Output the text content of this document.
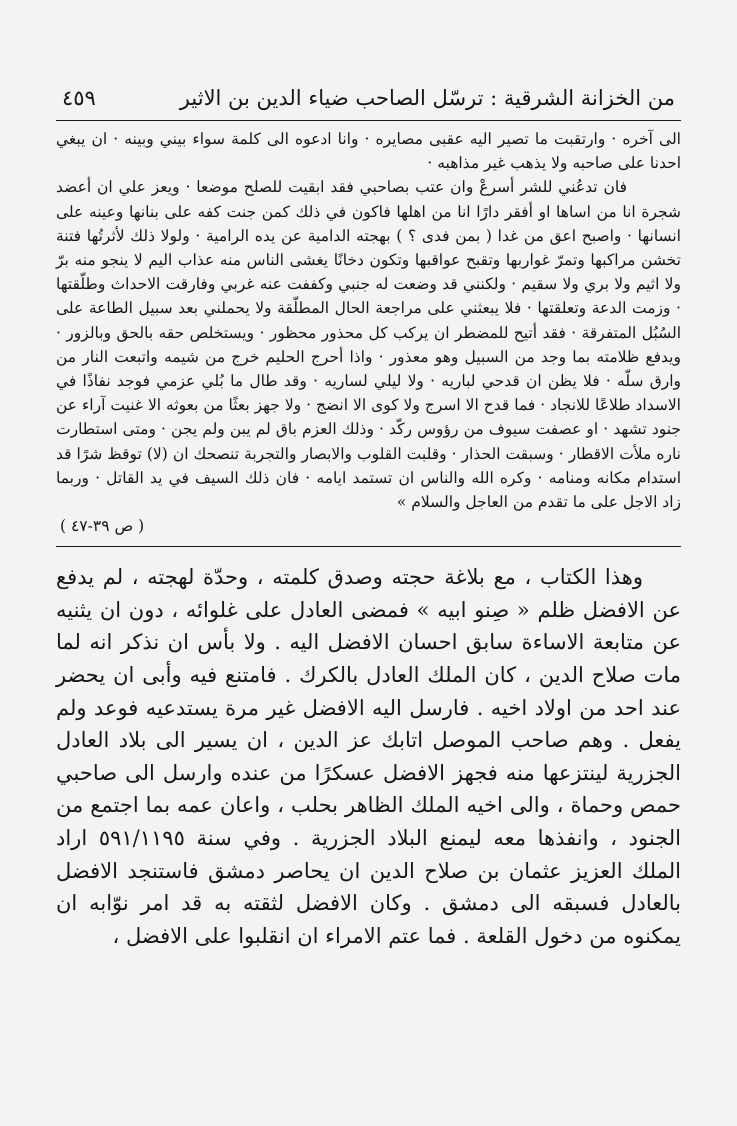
من الخزانة الشرقية : ترسّل الصاحب ضياء الدين بن الاثير
٤٥٩

الى آخره · وارتقبت ما تصير اليه عقبى مصايره · وانا ادعوه الى كلمة سواء بيني وبينه · ان يبغي احدنا على صاحبه ولا يذهب غير مذاهبه ·

فان تدعُني للشر أسرعْ وان عتب بصاحبي فقد ابقيت للصلح موضعا · ويعز علي ان أعضد شجرة انا من اساها او أفقر دارًا انا من اهلها فاكون في ذلك كمن جنت كفه على بنانها وعينه على انسانها · واصبح اعق من غدا ( بمن فدى ؟ ) بهجته الدامية عن يده الرامية · ولولا ذلك لأثرتُها فتنة تخشن مراكبها وتمرّ غواربها وتقبح عواقبها وتكون دخانًا يغشى الناس منه عذاب اليم لا ينجو منه برّ ولا اثيم ولا بري ولا سقيم · ولكنني قد وضعت له جنبي وكففت عنه غربي وفارقت الاحداث وطلّقتها · وزمت الدعة وتعلقتها · فلا يبعثني على مراجعة الحال المطلّقة ولا يحملني بعد سبيل الطاعة على السُبُل المتفرقة · فقد أتيح للمضطر ان يركب كل محذور محظور · ويستخلص حقه بالحق وبالزور · ويدفع ظلامته بما وجد من السبيل وهو معذور · واذا أحرج الحليم خرج من شيمه واتبعت النار من وارق سلّه · فلا يظن ان قدحي لباريه · ولا ليلي لساريه · وقد طال ما بُلي عزمي فوجد نفاذًا في الاسداد طلاعًا للانجاد · فما قدح الا اسرج ولا كوى الا انضج · ولا جهز بعثًا من بعوثه الا غنيت آراء عن جنود تشهد · او عصفت سيوف من رؤوس ركّد · وذلك العزم باق لم يبن ولم يجن · ومتى استطارت ناره ملأت الاقطار · وسبقت الحذار · وقلبت القلوب والابصار والتجربة تنصحك ان (لا) توقظ شرًا قد استدام مكانه ومنامه · وكره الله والناس ان تستمد ايامه · فان ذلك السيف في يد القاتل · وربما زاد الاجل على ما تقدم من العاجل والسلام »

( ص ٣٩-٤٧ )

وهذا الكتاب ، مع بلاغة حجته وصدق كلمته ، وحدّة لهجته ، لم يدفع عن الافضل ظلم « صِنو ابيه » فمضى العادل على غلوائه ، دون ان يثنيه عن متابعة الاساءة سابق احسان الافضل اليه . ولا بأس ان نذكر انه لما مات صلاح الدين ، كان الملك العادل بالكرك . فامتنع فيه وأبى ان يحضر عند احد من اولاد اخيه . فارسل اليه الافضل غير مرة يستدعيه فوعد ولم يفعل . وهم صاحب الموصل اتابك عز الدين ، ان يسير الى بلاد العادل الجزرية لينتزعها منه فجهز الافضل عسكرًا من عنده وارسل الى صاحبي حمص وحماة ، والى اخيه الملك الظاهر بحلب ، واعان عمه بما اجتمع من الجنود ، وانفذها معه ليمنع البلاد الجزرية . وفي سنة ٥٩١/١١٩٥ اراد الملك العزيز عثمان بن صلاح الدين ان يحاصر دمشق فاستنجد الافضل بالعادل فسبقه الى دمشق . وكان الافضل لثقته به قد امر نوّابه ان يمكنوه من دخول القلعة . فما عتم الامراء ان انقلبوا على الافضل ،
